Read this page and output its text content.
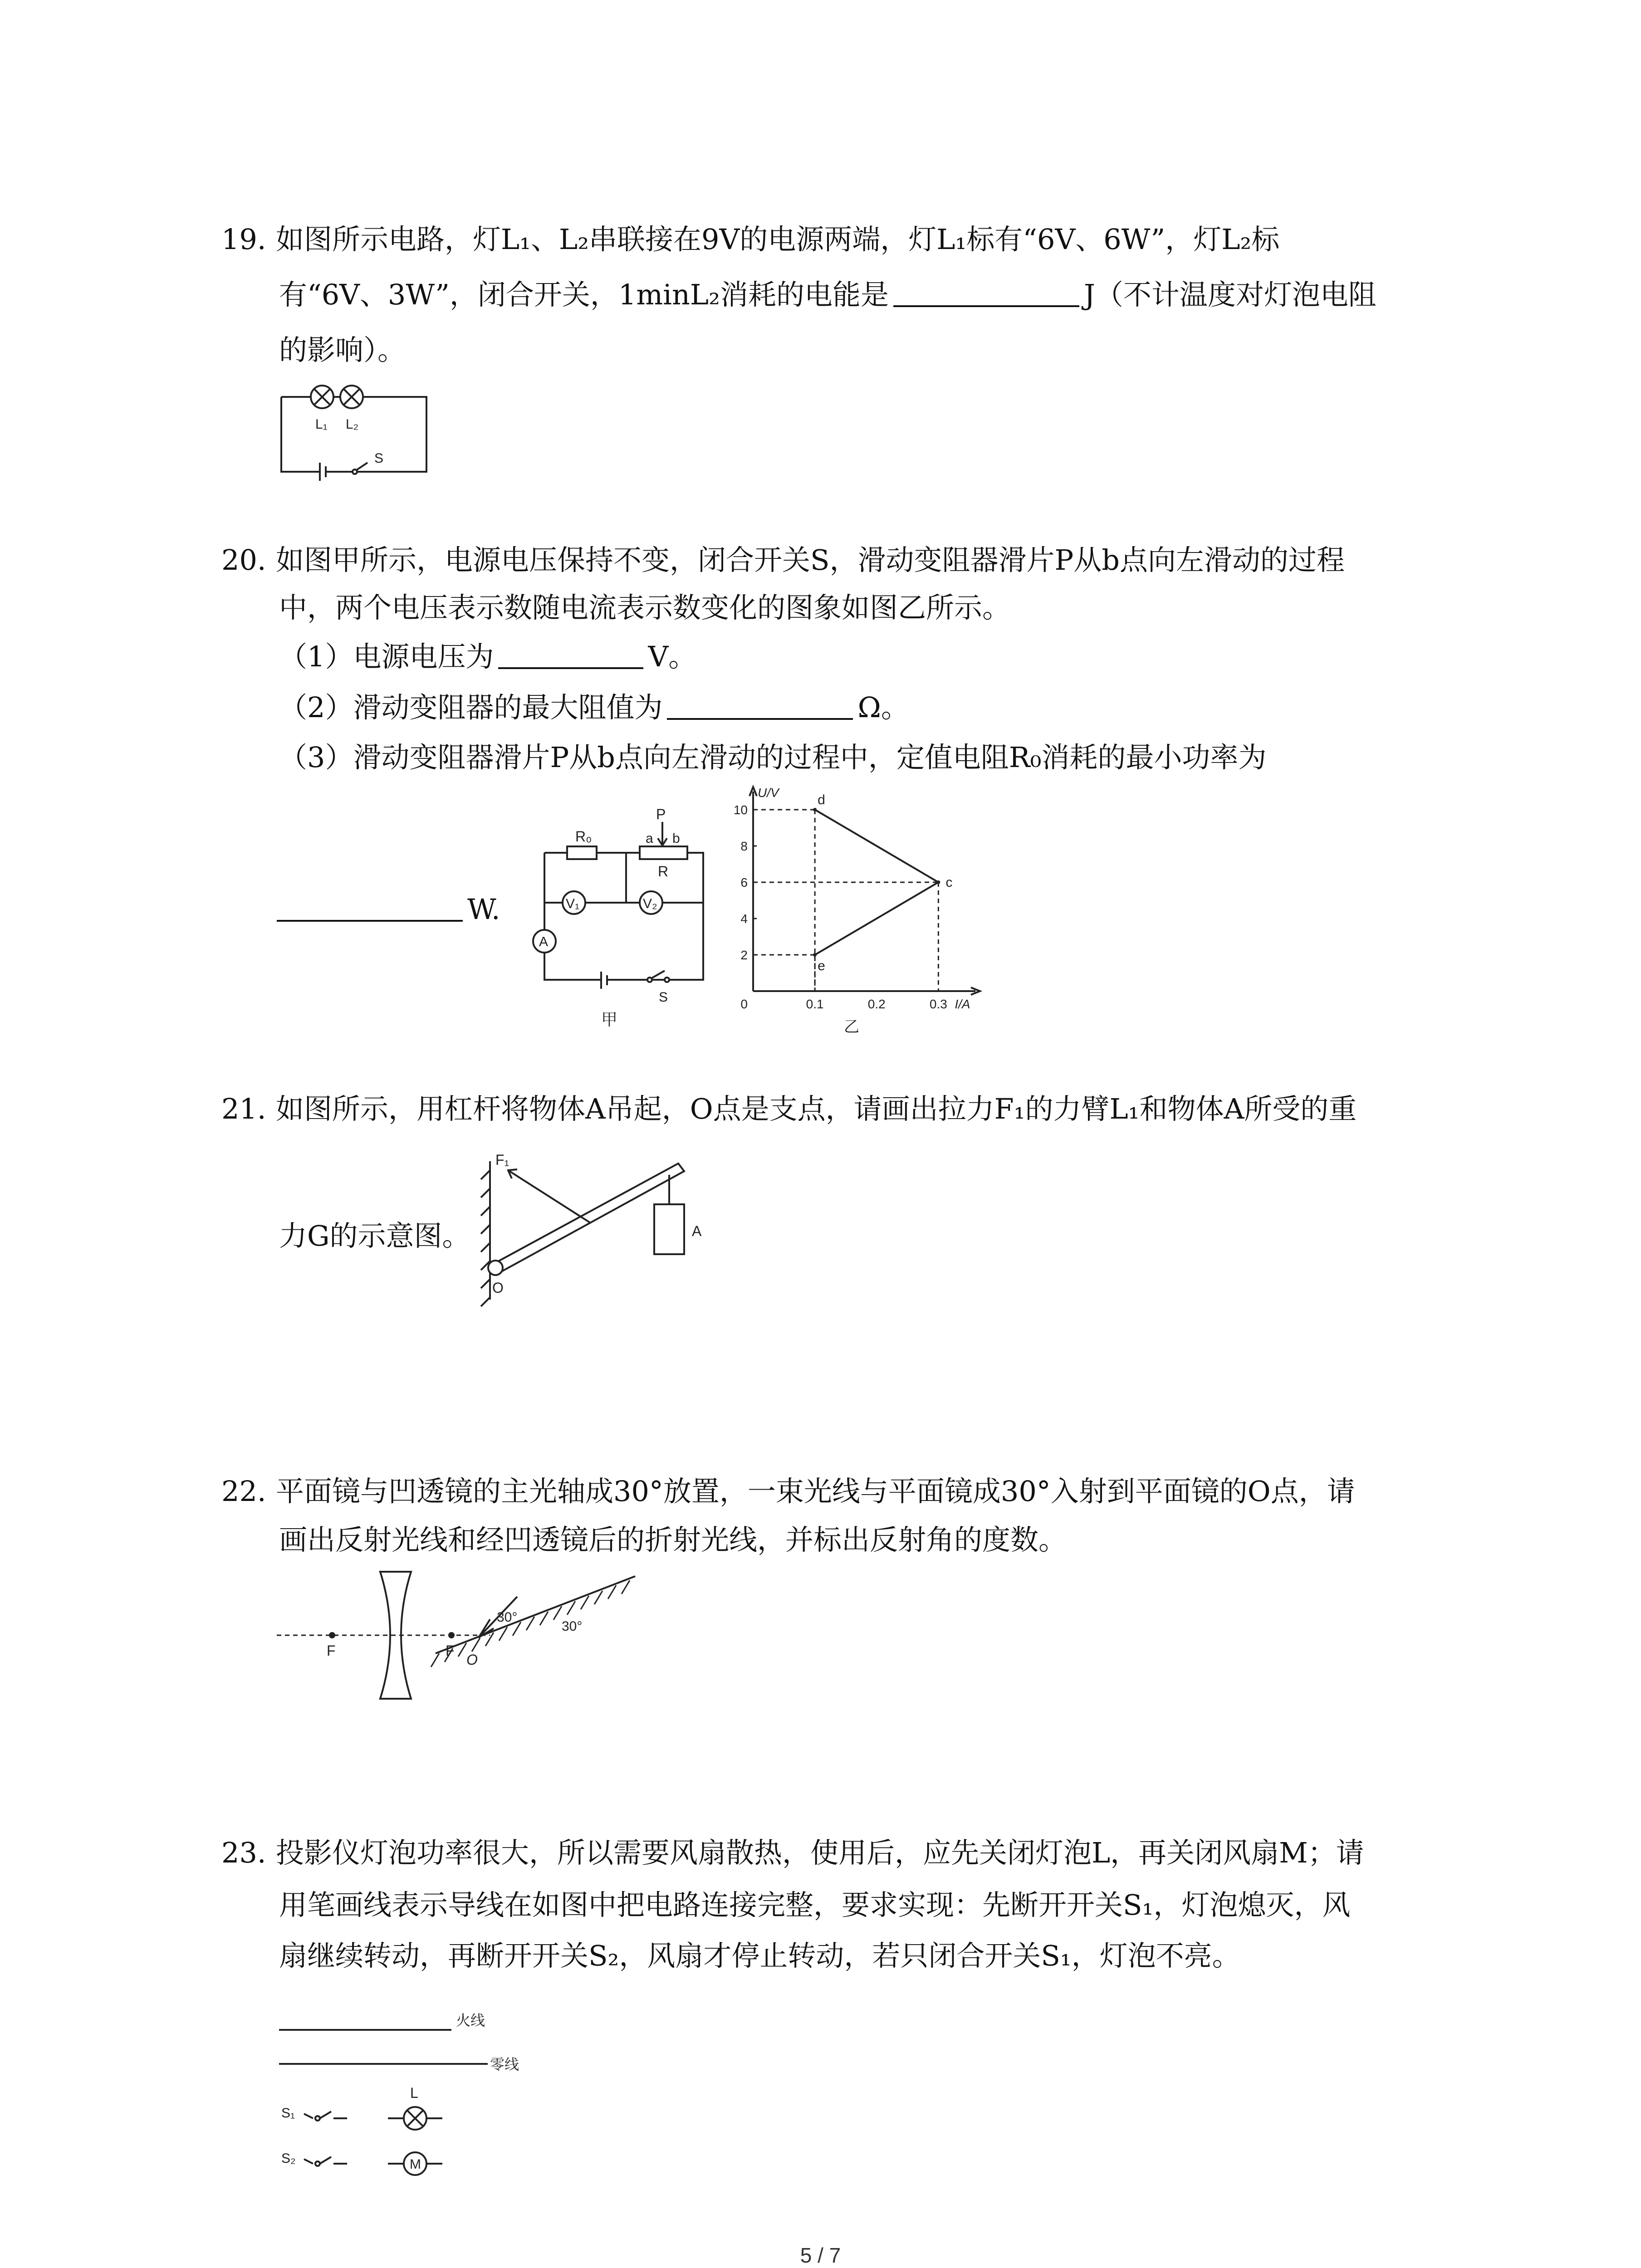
19. 如图所示电路，灯L₁、L₂串联接在9V的电源两端，灯L₁标有“6V、6W”，灯L₂标
有“6V、3W”，闭合开关，1minL₂消耗的电能是	J（不计温度对灯泡电阻
的影响）。
L₁ L₂
S
20. 如图甲所示，电源电压保持不变，闭合开关S，滑动变阻器滑片P从b点向左滑动的过程
中，两个电压表示数随电流表示数变化的图象如图乙所示。
（1）电源电压为	V。
（2）滑动变阻器的最大阻值为	Ω。
（3）滑动变阻器滑片P从b点向左滑动的过程中，定值电阻R₀消耗的最小功率为
W.
R₀
P
a b
R
V₁	V₂
A
S
甲
d
c
e
2
4
6
8
10
0.1	0.2	0.3
0
U/V
I/A
乙
21. 如图所示，用杠杆将物体A吊起，O点是支点，请画出拉力F₁的力臂L₁和物体A所受的重
力G的示意图。
F₁
A
O
22. 平面镜与凹透镜的主光轴成30°放置，一束光线与平面镜成30°入射到平面镜的O点，请
画出反射光线和经凹透镜后的折射光线，并标出反射角的度数。
F	F
30°
30°
O
23. 投影仪灯泡功率很大，所以需要风扇散热，使用后，应先关闭灯泡L，再关闭风扇M；请
用笔画线表示导线在如图中把电路连接完整，要求实现：先断开开关S₁，灯泡熄灭，风
扇继续转动，再断开开关S₂，风扇才停止转动，若只闭合开关S₁，灯泡不亮。
火线
零线
L
S₁
S₂	M
5 / 7
